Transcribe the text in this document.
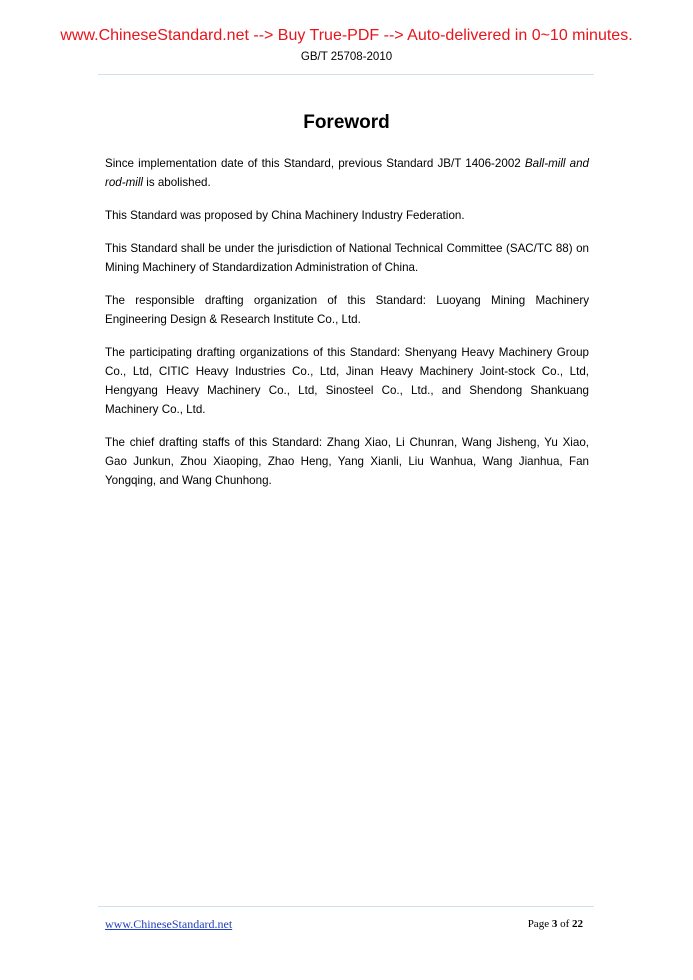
www.ChineseStandard.net --> Buy True-PDF --> Auto-delivered in 0~10 minutes.
GB/T 25708-2010
Foreword

Since implementation date of this Standard, previous Standard JB/T 1406-2002 Ball-mill and rod-mill is abolished.

This Standard was proposed by China Machinery Industry Federation.

This Standard shall be under the jurisdiction of National Technical Committee (SAC/TC 88) on Mining Machinery of Standardization Administration of China.

The responsible drafting organization of this Standard: Luoyang Mining Machinery Engineering Design & Research Institute Co., Ltd.

The participating drafting organizations of this Standard: Shenyang Heavy Machinery Group Co., Ltd, CITIC Heavy Industries Co., Ltd, Jinan Heavy Machinery Joint-stock Co., Ltd, Hengyang Heavy Machinery Co., Ltd, Sinosteel Co., Ltd., and Shendong Shankuang Machinery Co., Ltd.

The chief drafting staffs of this Standard: Zhang Xiao, Li Chunran, Wang Jisheng, Yu Xiao, Gao Junkun, Zhou Xiaoping, Zhao Heng, Yang Xianli, Liu Wanhua, Wang Jianhua, Fan Yongqing, and Wang Chunhong.

www.ChineseStandard.net	Page 3 of 22
